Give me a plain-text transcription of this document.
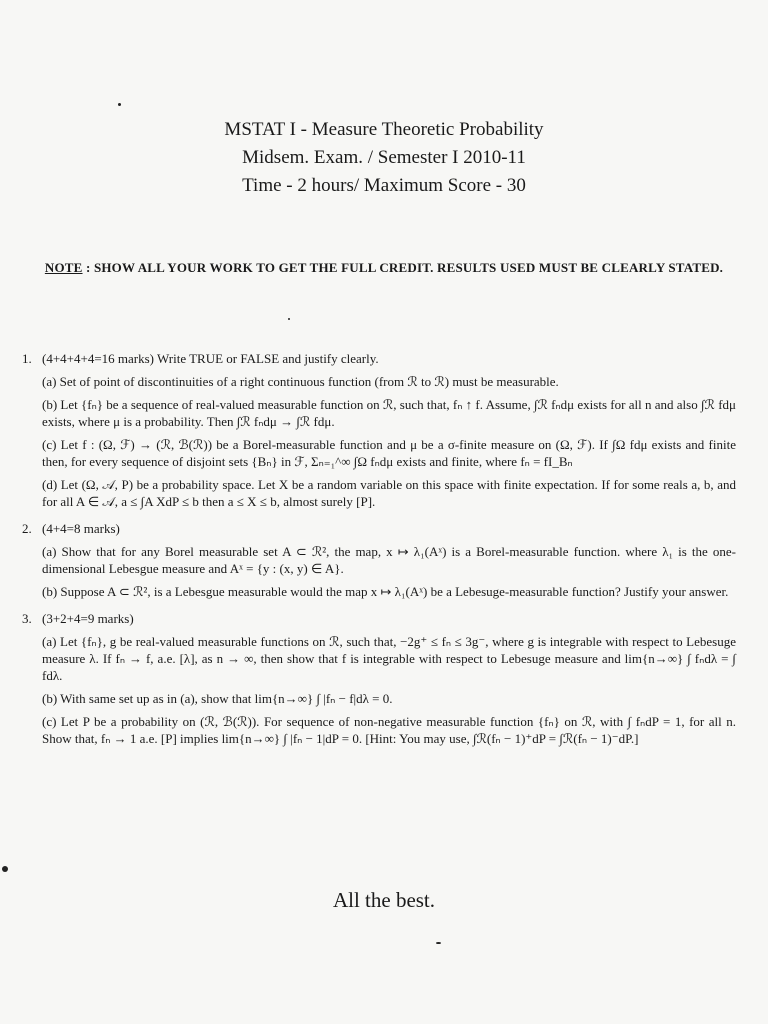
MSTAT I - Measure Theoretic Probability
Midsem. Exam. / Semester I 2010-11
Time - 2 hours/ Maximum Score - 30
NOTE : SHOW ALL YOUR WORK TO GET THE FULL CREDIT. RESULTS USED MUST BE CLEARLY STATED.
1. (4+4+4+4=16 marks) Write TRUE or FALSE and justify clearly.
(a) Set of point of discontinuities of a right continuous function (from ℛ to ℛ) must be measurable.
(b) Let {fₙ} be a sequence of real-valued measurable function on ℛ, such that, fₙ ↑ f. Assume, ∫ℛ fₙdμ exists for all n and also ∫ℛ fdμ exists, where μ is a probability. Then ∫ℛ fₙdμ → ∫ℛ fdμ.
(c) Let f : (Ω, ℱ) → (ℛ, ℬ(ℛ)) be a Borel-measurable function and μ be a σ-finite measure on (Ω, ℱ). If ∫Ω fdμ exists and finite then, for every sequence of disjoint sets {Bₙ} in ℱ, Σₙ₌₁^∞ ∫Ω fₙdμ exists and finite, where fₙ = fI_Bₙ
(d) Let (Ω, 𝒜, P) be a probability space. Let X be a random variable on this space with finite expectation. If for some reals a, b, and for all A ∈ 𝒜, a ≤ ∫A XdP ≤ b then a ≤ X ≤ b, almost surely [P].
2. (4+4=8 marks)
(a) Show that for any Borel measurable set A ⊂ ℛ², the map, x ↦ λ₁(Aˣ) is a Borel-measurable function. where λ₁ is the one-dimensional Lebesgue measure and Aˣ = {y : (x, y) ∈ A}.
(b) Suppose A ⊂ ℛ², is a Lebesgue measurable would the map x ↦ λ₁(Aˣ) be a Lebesuge-measurable function? Justify your answer.
3. (3+2+4=9 marks)
(a) Let {fₙ}, g be real-valued measurable functions on ℛ, such that, −2g⁺ ≤ fₙ ≤ 3g⁻, where g is integrable with respect to Lebesuge measure λ. If fₙ → f, a.e. [λ], as n → ∞, then show that f is integrable with respect to Lebesuge measure and lim{n→∞} ∫ fₙdλ = ∫ fdλ.
(b) With same set up as in (a), show that lim{n→∞} ∫ |fₙ − f|dλ = 0.
(c) Let P be a probability on (ℛ, ℬ(ℛ)). For sequence of non-negative measurable function {fₙ} on ℛ, with ∫ fₙdP = 1, for all n. Show that, fₙ → 1 a.e. [P] implies lim{n→∞} ∫ |fₙ − 1|dP = 0. [Hint: You may use, ∫ℛ(fₙ − 1)⁺dP = ∫ℛ(fₙ − 1)⁻dP.]
All the best.
